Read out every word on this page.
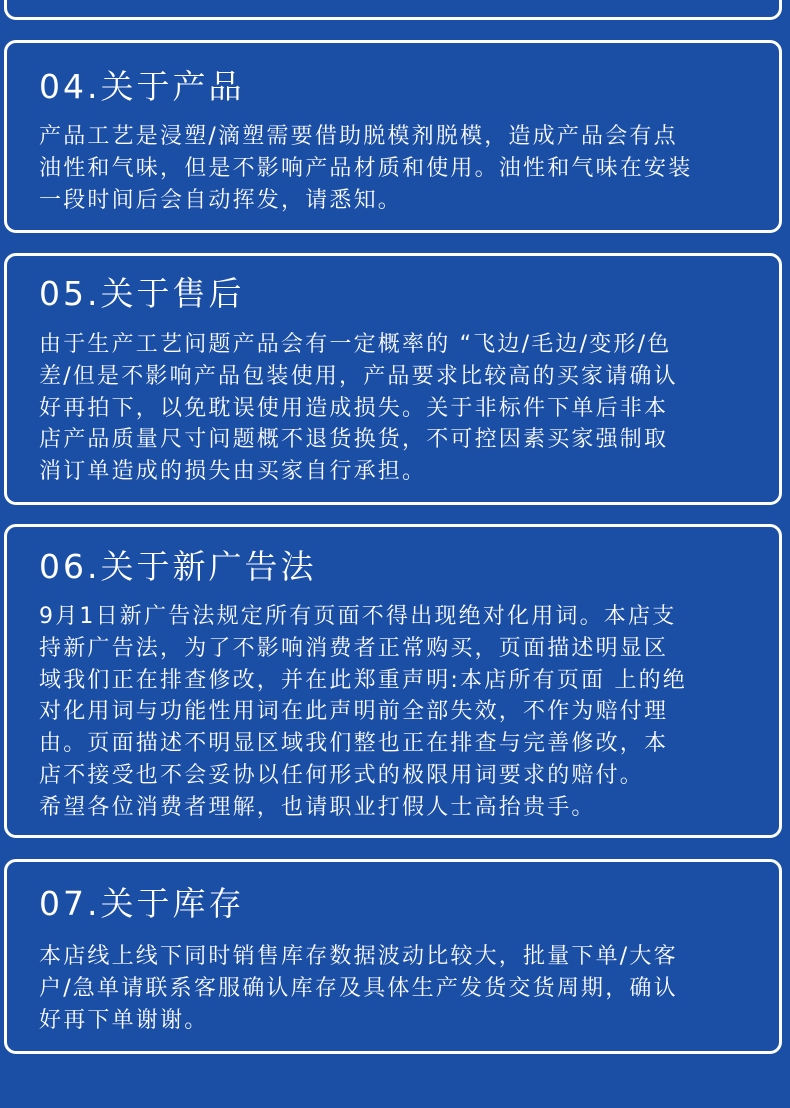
04.关于产品
产品工艺是浸塑/滴塑需要借助脱模剂脱模，造成产品会有点
油性和气味，但是不影响产品材质和使用。油性和气味在安装
一段时间后会自动挥发，请悉知。
05.关于售后
由于生产工艺问题产品会有一定概率的 “飞边/毛边/变形/色
差/但是不影响产品包装使用，产品要求比较高的买家请确认
好再拍下，以免耽误使用造成损失。关于非标件下单后非本
店产品质量尺寸问题概不退货换货，不可控因素买家强制取
消订单造成的损失由买家自行承担。
06.关于新广告法
9月1日新广告法规定所有页面不得出现绝对化用词。本店支
持新广告法，为了不影响消费者正常购买，页面描述明显区
域我们正在排查修改，并在此郑重声明:本店所有页面 上的绝
对化用词与功能性用词在此声明前全部失效，不作为赔付理
由。页面描述不明显区域我们整也正在排查与完善修改，本
店不接受也不会妥协以任何形式的极限用词要求的赔付。
希望各位消费者理解，也请职业打假人士高抬贵手。
07.关于库存
本店线上线下同时销售库存数据波动比较大，批量下单/大客
户/急单请联系客服确认库存及具体生产发货交货周期，确认
好再下单谢谢。
